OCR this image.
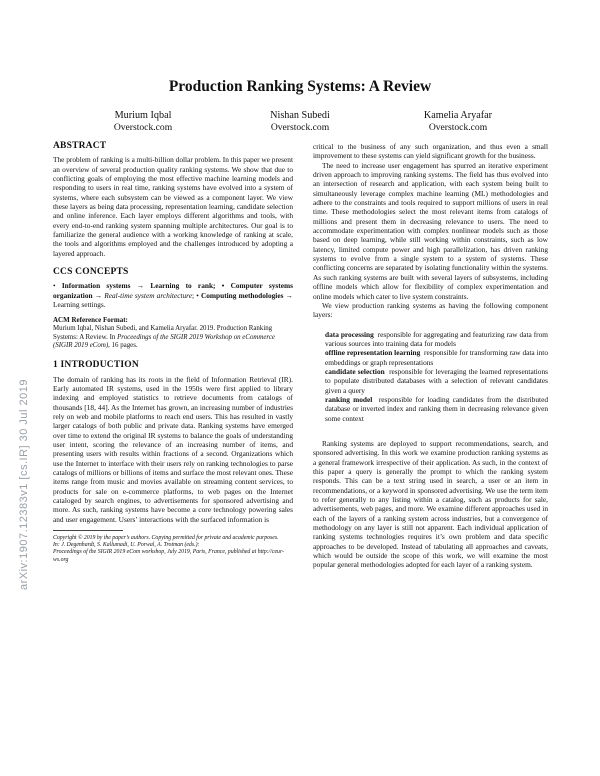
arXiv:1907.12383v1 [cs.IR] 30 Jul 2019
Production Ranking Systems: A Review
Murium Iqbal
Overstock.com
Nishan Subedi
Overstock.com
Kamelia Aryafar
Overstock.com
ABSTRACT

The problem of ranking is a multi-billion dollar problem. In this paper we present an overview of several production quality ranking systems. We show that due to conflicting goals of employing the most effective machine learning models and responding to users in real time, ranking systems have evolved into a system of systems, where each subsystem can be viewed as a component layer. We view these layers as being data processing, representation learning, candidate selection and online inference. Each layer employs different algorithms and tools, with every end-to-end ranking system spanning multiple architectures. Our goal is to familiarize the general audience with a working knowledge of ranking at scale, the tools and algorithms employed and the challenges introduced by adopting a layered approach.

CCS CONCEPTS

• Information systems → Learning to rank; • Computer systems organization → Real-time system architecture; • Computing methodologies → Learning settings.

ACM Reference Format:

Murium Iqbal, Nishan Subedi, and Kamelia Aryafar. 2019. Production Ranking Systems: A Review. In Proceedings of the SIGIR 2019 Workshop on eCommerce (SIGIR 2019 eCom), 16 pages.

1 INTRODUCTION

The domain of ranking has its roots in the field of Information Retrieval (IR). Early automated IR systems, used in the 1950s were first applied to library indexing and employed statistics to retrieve documents from catalogs of thousands [18, 44]. As the Internet has grown, an increasing number of industries rely on web and mobile platforms to reach end users. This has resulted in vastly larger catalogs of both public and private data. Ranking systems have emerged over time to extend the original IR systems to balance the goals of understanding user intent, scoring the relevance of an increasing number of items, and presenting users with results within fractions of a second. Organizations which use the Internet to interface with their users rely on ranking technologies to parse catalogs of millions or billions of items and surface the most relevant ones. These items range from music and movies available on streaming content services, to products for sale on e-commerce platforms, to web pages on the Internet cataloged by search engines, to advertisements for sponsored advertising and more. As such, ranking systems have become a core technology powering sales and user engagement. Users’ interactions with the surfaced information is

Copyright © 2019 by the paper’s authors. Copying permitted for private and academic purposes.
In: J. Degenhardt, S. Kallumadi, U. Porwal, A. Trotman (eds.):
Proceedings of the SIGIR 2019 eCom workshop, July 2019, Paris, France, published at http://ceur-ws.org

critical to the business of any such organization, and thus even a small improvement to these systems can yield significant growth for the business.

The need to increase user engagement has spurred an iterative experiment driven approach to improving ranking systems. The field has thus evolved into an intersection of research and application, with each system being built to simultaneously leverage complex machine learning (ML) methodologies and adhere to the constraints and tools required to support millions of users in real time. These methodologies select the most relevant items from catalogs of millions and present them in decreasing relevance to users. The need to accommodate experimentation with complex nonlinear models such as those based on deep learning, while still working within constraints, such as low latency, limited compute power and high parallelization, has driven ranking systems to evolve from a single system to a system of systems. These conflicting concerns are separated by isolating functionality within the systems. As such ranking systems are built with several layers of subsystems, including offline models which allow for flexibility of complex experimentation and online models which cater to live system constraints.

We view production ranking systems as having the following component layers:

data processing responsible for aggregating and featurizing raw data from various sources into training data for models
offline representation learning responsible for transforming raw data into embeddings or graph representations
candidate selection responsible for leveraging the learned representations to populate distributed databases with a selection of relevant candidates given a query
ranking model responsible for loading candidates from the distributed database or inverted index and ranking them in decreasing relevance given some context

Ranking systems are deployed to support recommendations, search, and sponsored advertising. In this work we examine production ranking systems as a general framework irrespective of their application. As such, in the context of this paper a query is generally the prompt to which the ranking system responds. This can be a text string used in search, a user or an item in recommendations, or a keyword in sponsored advertising. We use the term item to refer generally to any listing within a catalog, such as products for sale, advertisements, web pages, and more. We examine different approaches used in each of the layers of a ranking system across industries, but a convergence of methodology on any layer is still not apparent. Each individual application of ranking systems technologies requires it’s own problem and data specific approaches to be developed. Instead of tabulating all approaches and caveats, which would be outside the scope of this work, we will examine the most popular general methodologies adopted for each layer of a ranking system.
